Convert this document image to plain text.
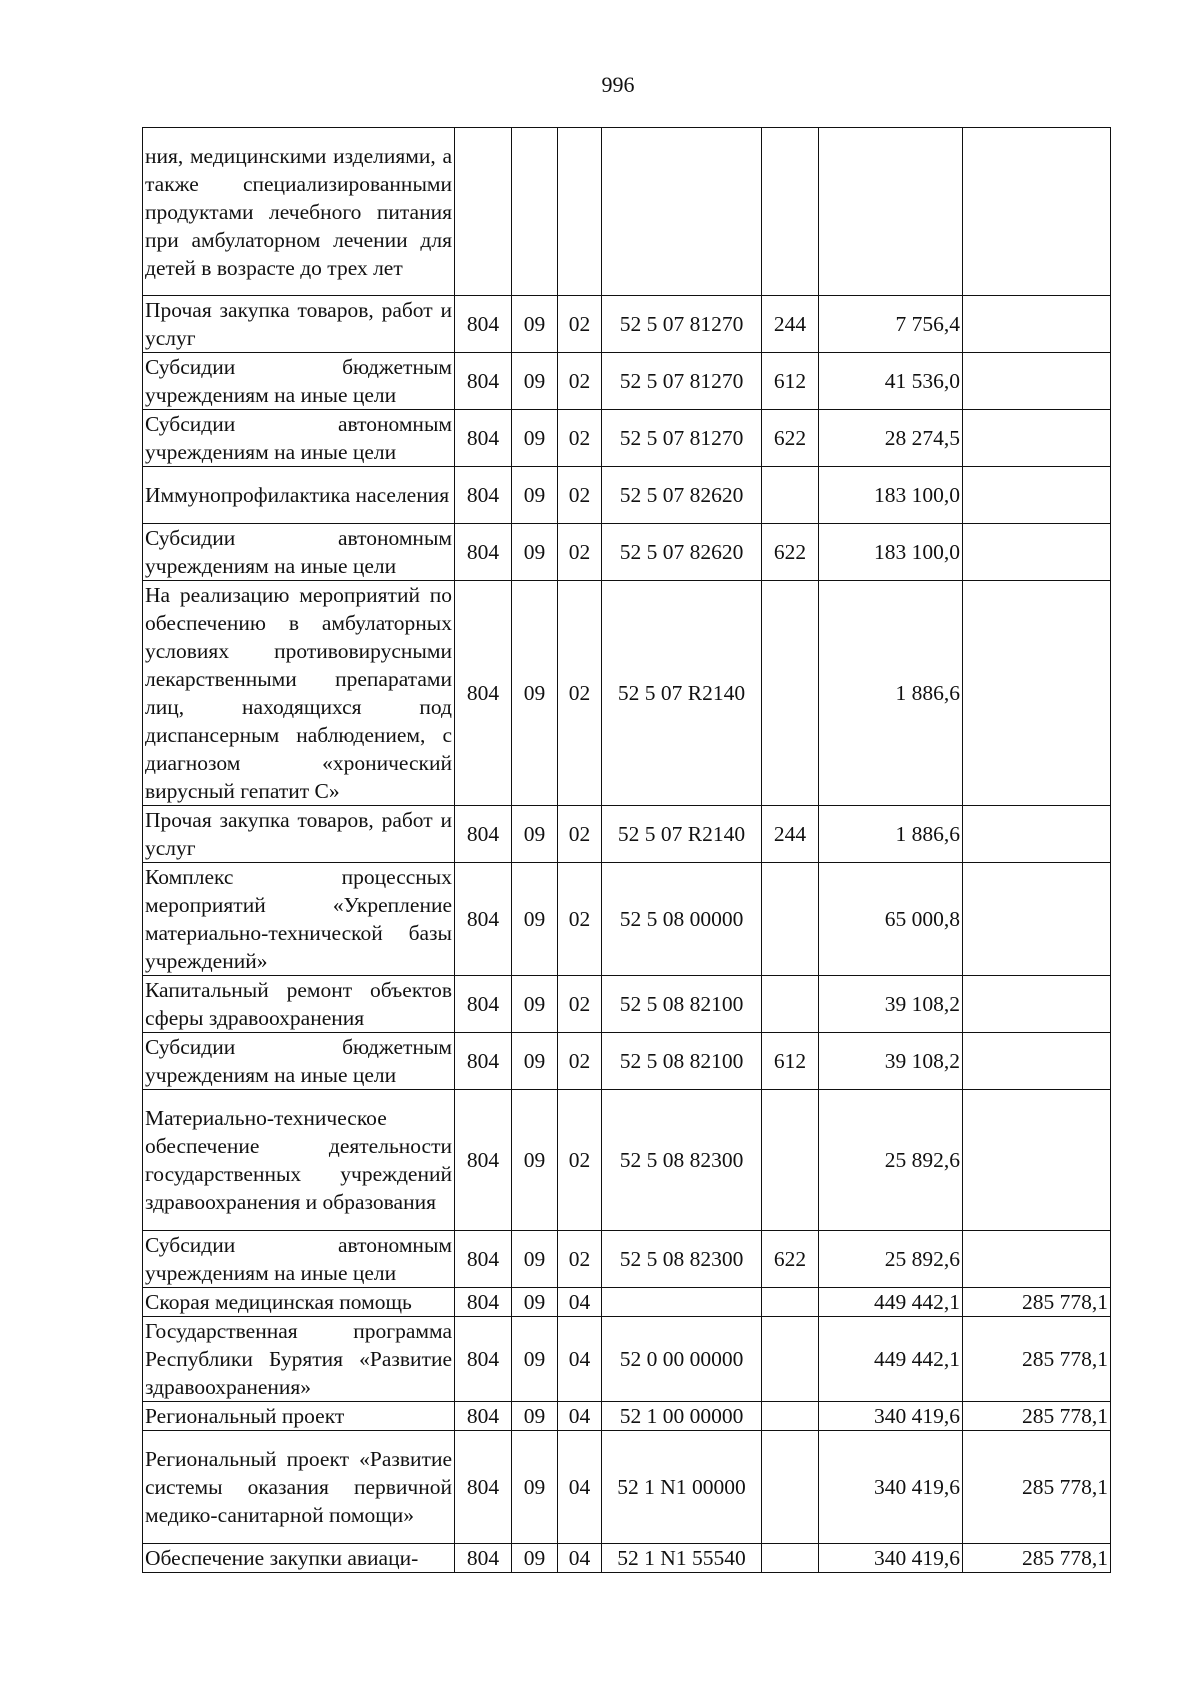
996
ния, медицинскими изделиями, а также специализированными продуктами лечебного питания при амбулаторном лечении для детей в возрасте до трех лет							
Прочая закупка товаров, работ и услуг	804	09	02	52 5 07 81270	244	7 756,4	
Субсидии бюджетным учреждениям на иные цели	804	09	02	52 5 07 81270	612	41 536,0	
Субсидии автономным учреждениям на иные цели	804	09	02	52 5 07 81270	622	28 274,5	
Иммунопрофилактика населения	804	09	02	52 5 07 82620		183 100,0	
Субсидии автономным учреждениям на иные цели	804	09	02	52 5 07 82620	622	183 100,0	
На реализацию мероприятий по обеспечению в амбулаторных условиях противовирусными лекарственными препаратами лиц, находящихся под диспансерным наблюдением, с диагнозом «хронический вирусный гепатит С»	804	09	02	52 5 07 R2140		1 886,6	
Прочая закупка товаров, работ и услуг	804	09	02	52 5 07 R2140	244	1 886,6	
Комплекс процессных мероприятий «Укрепление материально-технической базы учреждений»	804	09	02	52 5 08 00000		65 000,8	
Капитальный ремонт объектов сферы здравоохранения	804	09	02	52 5 08 82100		39 108,2	
Субсидии бюджетным учреждениям на иные цели	804	09	02	52 5 08 82100	612	39 108,2	
Материально-техническое обеспечение деятельности государственных учреждений здравоохранения и образования	804	09	02	52 5 08 82300		25 892,6	
Субсидии автономным учреждениям на иные цели	804	09	02	52 5 08 82300	622	25 892,6	
Скорая медицинская помощь	804	09	04			449 442,1	285 778,1
Государственная программа Республики Бурятия «Развитие здравоохранения»	804	09	04	52 0 00 00000		449 442,1	285 778,1
Региональный проект	804	09	04	52 1 00 00000		340 419,6	285 778,1
Региональный проект «Развитие системы оказания первичной медико-санитарной помощи»	804	09	04	52 1 N1 00000		340 419,6	285 778,1
Обеспечение закупки авиаци-	804	09	04	52 1 N1 55540		340 419,6	285 778,1
